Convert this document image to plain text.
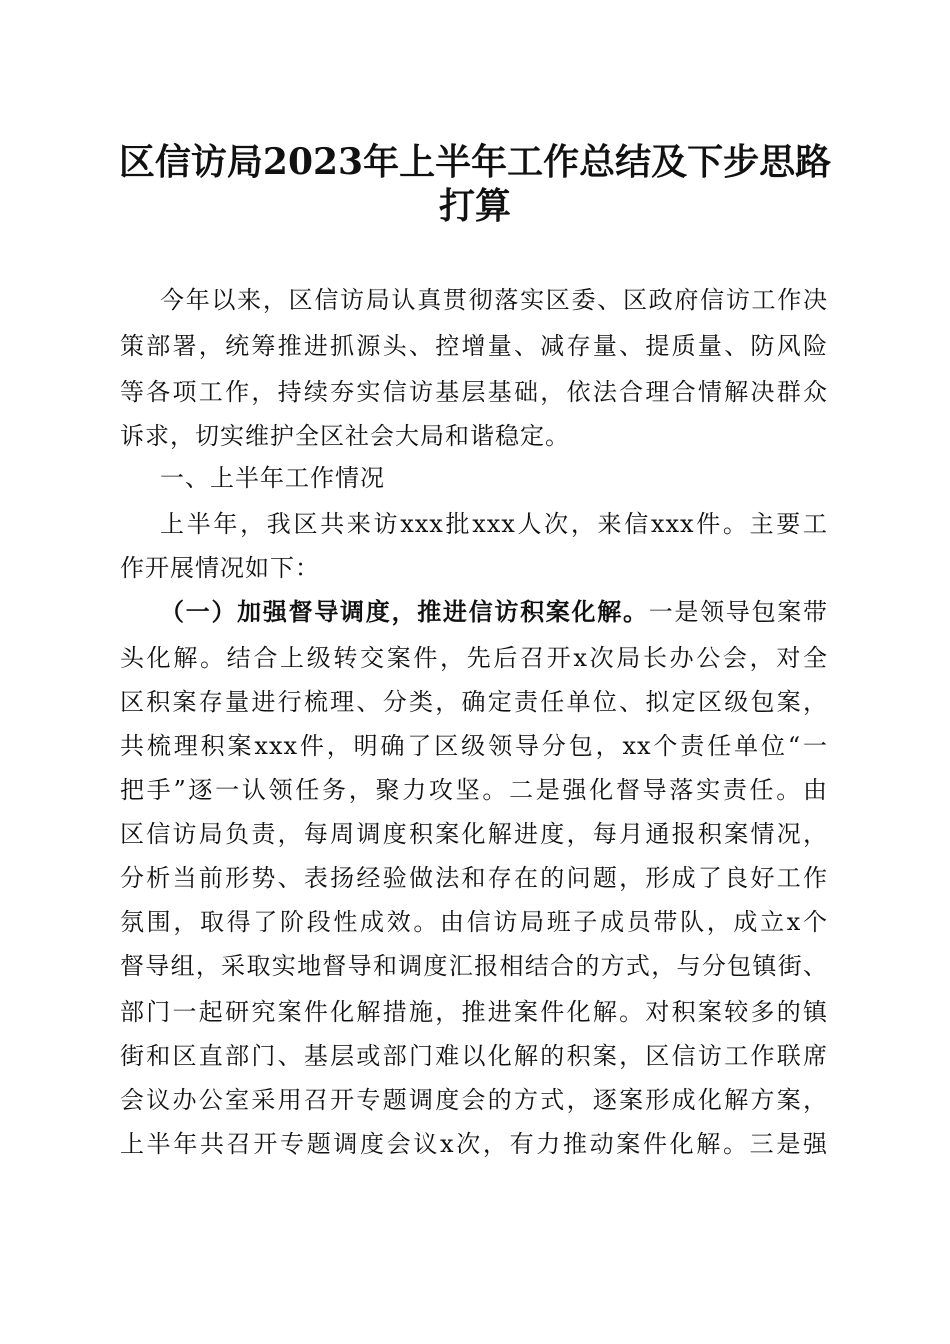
区信访局2023年上半年工作总结及下步思路
打算
今年以来，区信访局认真贯彻落实区委、区政府信访工作决
策部署，统筹推进抓源头、控增量、减存量、提质量、防风险
等各项工作，持续夯实信访基层基础，依法合理合情解决群众
诉求，切实维护全区社会大局和谐稳定。
一、上半年工作情况
上半年，我区共来访xxx批xxx人次，来信xxx件。主要工
作开展情况如下：
（一）加强督导调度，推进信访积案化解。一是领导包案带
头化解。结合上级转交案件，先后召开x次局长办公会，对全
区积案存量进行梳理、分类，确定责任单位、拟定区级包案，
共梳理积案xxx件，明确了区级领导分包，xx个责任单位“一
把手”逐一认领任务，聚力攻坚。二是强化督导落实责任。由
区信访局负责，每周调度积案化解进度，每月通报积案情况，
分析当前形势、表扬经验做法和存在的问题，形成了良好工作
氛围，取得了阶段性成效。由信访局班子成员带队，成立x个
督导组，采取实地督导和调度汇报相结合的方式，与分包镇街、
部门一起研究案件化解措施，推进案件化解。对积案较多的镇
街和区直部门、基层或部门难以化解的积案，区信访工作联席
会议办公室采用召开专题调度会的方式，逐案形成化解方案，
上半年共召开专题调度会议x次，有力推动案件化解。三是强
